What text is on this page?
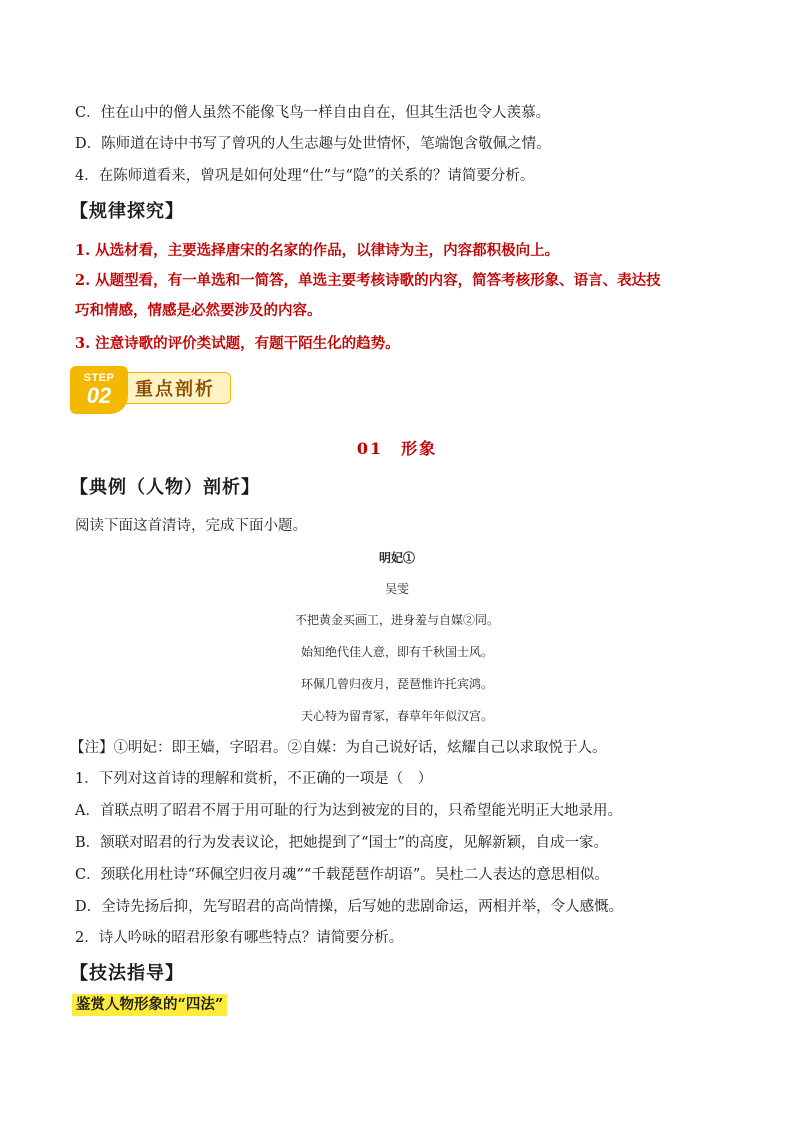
C．住在山中的僧人虽然不能像飞鸟一样自由自在，但其生活也令人羡慕。
D．陈师道在诗中书写了曾巩的人生志趣与处世情怀，笔端饱含敬佩之情。
4．在陈师道看来，曾巩是如何处理“仕”与“隐”的关系的？请简要分析。
【规律探究】
1. 从选材看，主要选择唐宋的名家的作品，以律诗为主，内容都积极向上。
2. 从题型看，有一单选和一简答，单选主要考核诗歌的内容，简答考核形象、语言、表达技
巧和情感，情感是必然要涉及的内容。
3. 注意诗歌的评价类试题，有题干陌生化的趋势。
重点剖析
STEP
02
01　形象
【典例（人物）剖析】
阅读下面这首清诗，完成下面小题。
明妃①
吴雯
不把黄金买画工，进身羞与自媒②同。
始知绝代佳人意，即有千秋国士风。
环佩几曾归夜月，琵琶惟许托宾鸿。
天心特为留青冢，春草年年似汉宫。
【注】①明妃：即王嫱，字昭君。②自媒：为自己说好话，炫耀自己以求取悦于人。
1．下列对这首诗的理解和赏析，不正确的一项是（　）
A．首联点明了昭君不屑于用可耻的行为达到被宠的目的，只希望能光明正大地录用。
B．颔联对昭君的行为发表议论，把她提到了“国士”的高度，见解新颖，自成一家。
C．颈联化用杜诗“环佩空归夜月魂”“千载琵琶作胡语”。吴杜二人表达的意思相似。
D．全诗先扬后抑，先写昭君的高尚情操，后写她的悲剧命运，两相并举，令人感慨。
2．诗人吟咏的昭君形象有哪些特点？请简要分析。
【技法指导】
鉴赏人物形象的“四法”
